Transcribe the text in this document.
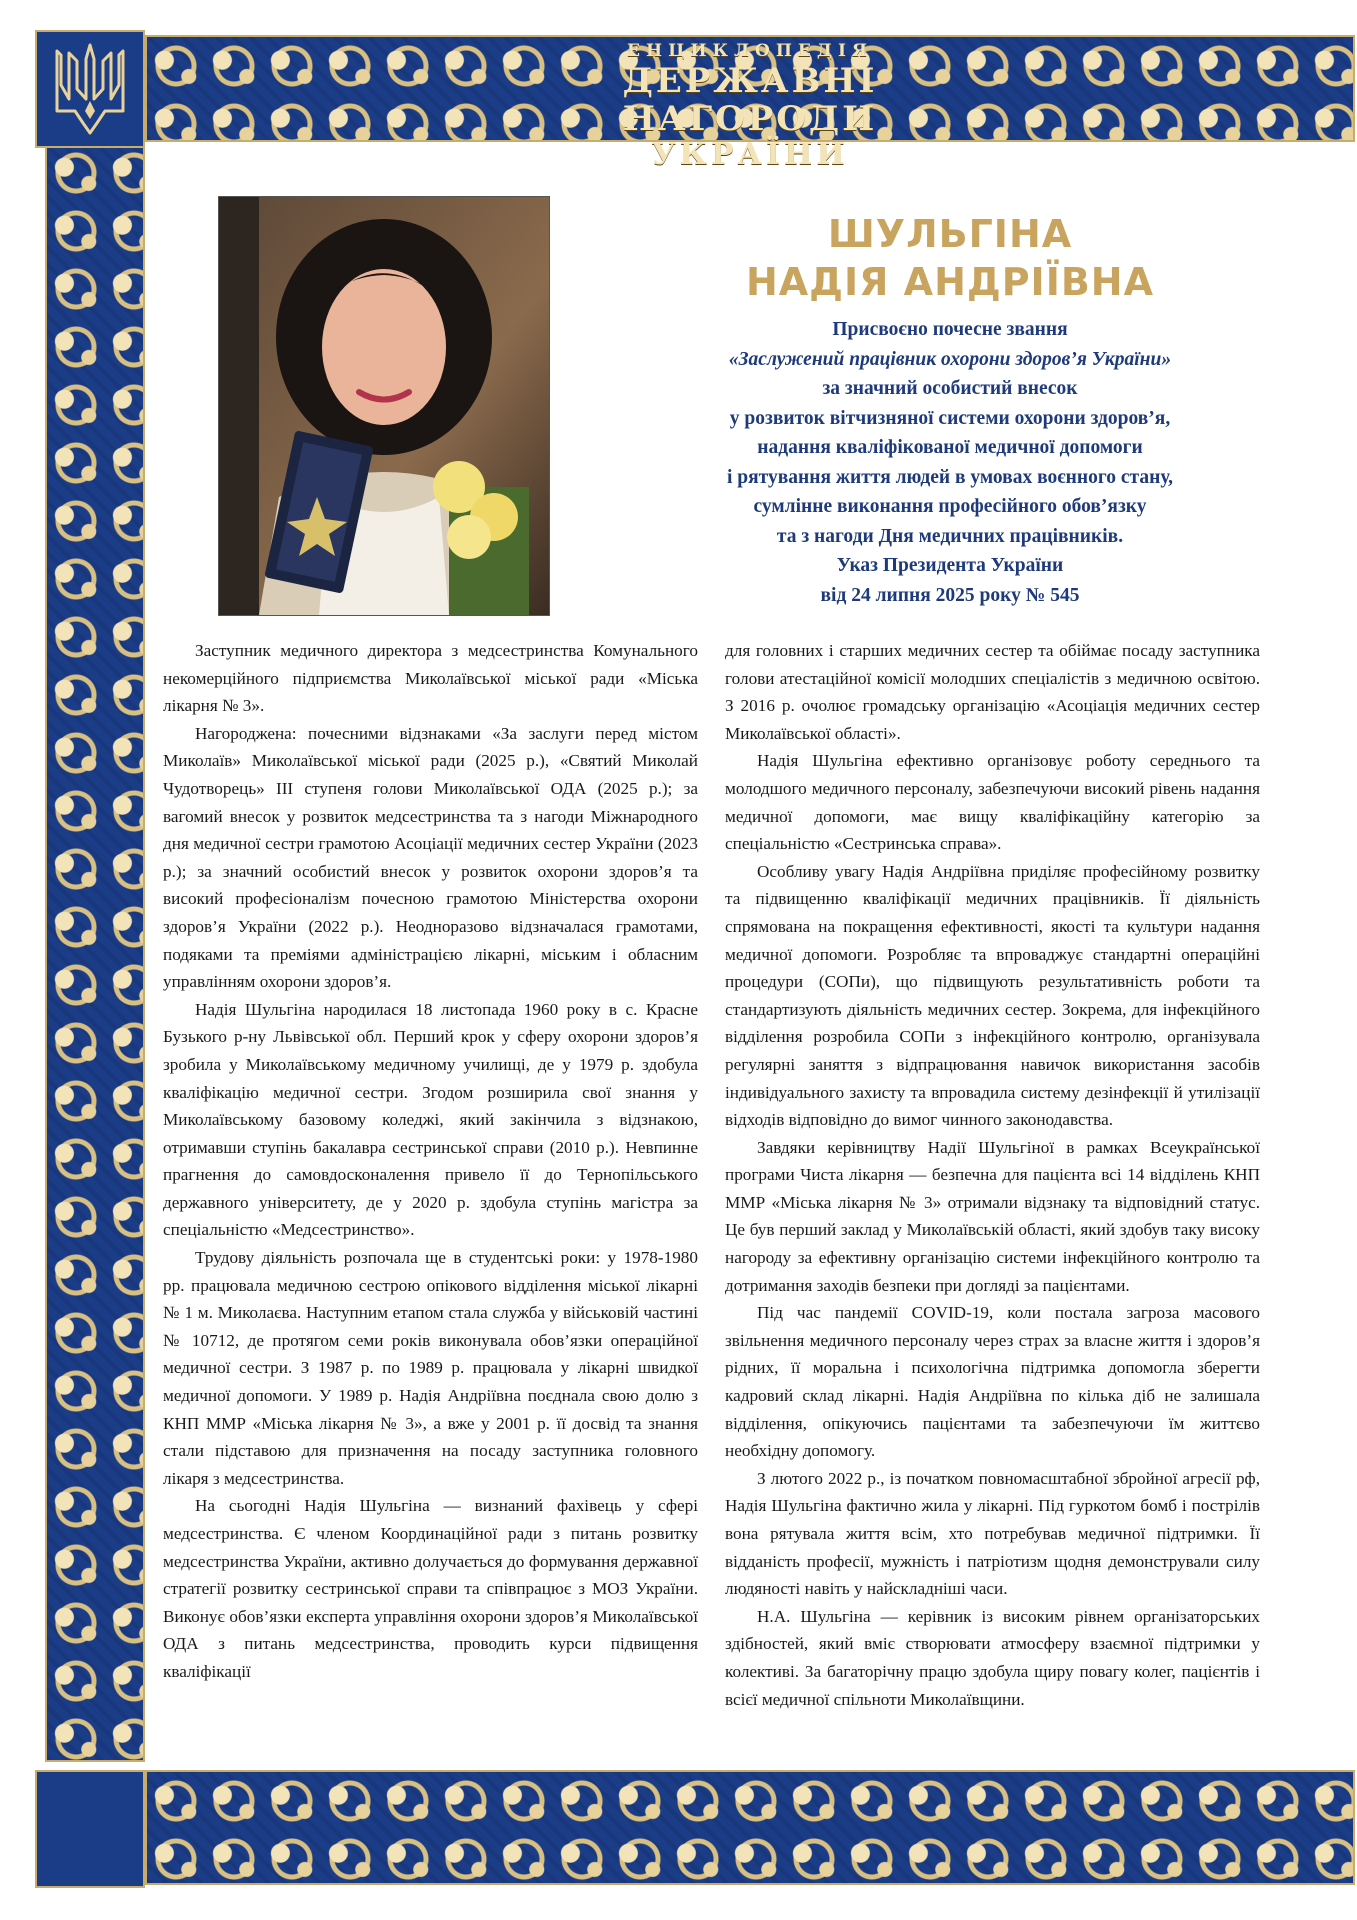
ЕНЦИКЛОПЕДІЯ
ДЕРЖАВНІ НАГОРОДИ
УКРАЇНИ
ШУЛЬГІНА
НАДІЯ АНДРІЇВНА
Присвоєно почесне звання
«Заслужений працівник охорони здоров’я України»
за значний особистий внесок
у розвиток вітчизняної системи охорони здоров’я,
надання кваліфікованої медичної допомоги
і рятування життя людей в умовах воєнного стану,
сумлінне виконання професійного обов’язку
та з нагоди Дня медичних працівників.
Указ Президента України
від 24 липня 2025 року № 545

Заступник медичного директора з медсестринства Комунального некомерційного підприємства Миколаївської міської ради «Міська лікарня № 3».

Нагороджена: почесними відзнаками «За заслуги перед містом Миколаїв» Миколаївської міської ради (2025 р.), «Святий Миколай Чудотворець» ІІІ ступеня голови Миколаївської ОДА (2025 р.); за вагомий внесок у розвиток медсестринства та з нагоди Міжнародного дня медичної сестри грамотою Асоціації медичних сестер України (2023 р.); за значний особистий внесок у розвиток охорони здоров’я та високий професіоналізм почесною грамотою Міністерства охорони здоров’я України (2022 р.). Неодноразово відзначалася грамотами, подяками та преміями адміністрацією лікарні, міським і обласним управлінням охорони здоров’я.

Надія Шульгіна народилася 18 листопада 1960 року в с. Красне Бузького р-ну Львівської обл. Перший крок у сферу охорони здоров’я зробила у Миколаївському медичному училищі, де у 1979 р. здобула кваліфікацію медичної сестри. Згодом розширила свої знання у Миколаївському базовому коледжі, який закінчила з відзнакою, отримавши ступінь бакалавра сестринської справи (2010 р.). Невпинне прагнення до самовдосконалення привело її до Тернопільського державного університету, де у 2020 р. здобула ступінь магістра за спеціальністю «Медсестринство».

Трудову діяльність розпочала ще в студентські роки: у 1978-1980 рр. працювала медичною сестрою опікового відділення міської лікарні № 1 м. Миколаєва. Наступним етапом стала служба у військовій частині № 10712, де протягом семи років виконувала обов’язки операційної медичної сестри. З 1987 р. по 1989 р. працювала у лікарні швидкої медичної допомоги. У 1989 р. Надія Андріївна поєднала свою долю з КНП ММР «Міська лікарня № 3», а вже у 2001 р. її досвід та знання стали підставою для призначення на посаду заступника головного лікаря з медсестринства.

На сьогодні Надія Шульгіна — визнаний фахівець у сфері медсестринства. Є членом Координаційної ради з питань розвитку медсестринства України, активно долучається до формування державної стратегії розвитку сестринської справи та співпрацює з МОЗ України. Виконує обов’язки експерта управління охорони здоров’я Миколаївської ОДА з питань медсестринства, проводить курси підвищення кваліфікації

для головних і старших медичних сестер та обіймає посаду заступника голови атестаційної комісії молодших спеціалістів з медичною освітою. З 2016 р. очолює громадську організацію «Асоціація медичних сестер Миколаївської області».

Надія Шульгіна ефективно організовує роботу середнього та молодшого медичного персоналу, забезпечуючи високий рівень надання медичної допомоги, має вищу кваліфікаційну категорію за спеціальністю «Сестринська справа».

Особливу увагу Надія Андріївна приділяє професійному розвитку та підвищенню кваліфікації медичних працівників. Її діяльність спрямована на покращення ефективності, якості та культури надання медичної допомоги. Розробляє та впроваджує стандартні операційні процедури (СОПи), що підвищують результативність роботи та стандартизують діяльність медичних сестер. Зокрема, для інфекційного відділення розробила СОПи з інфекційного контролю, організувала регулярні заняття з відпрацювання навичок використання засобів індивідуального захисту та впровадила систему дезінфекції й утилізації відходів відповідно до вимог чинного законодавства.

Завдяки керівництву Надії Шульгіної в рамках Всеукраїнської програми Чиста лікарня — безпечна для пацієнта всі 14 відділень КНП ММР «Міська лікарня № 3» отримали відзнаку та відповідний статус. Це був перший заклад у Миколаївській області, який здобув таку високу нагороду за ефективну організацію системи інфекційного контролю та дотримання заходів безпеки при догляді за пацієнтами.

Під час пандемії COVID-19, коли постала загроза масового звільнення медичного персоналу через страх за власне життя і здоров’я рідних, її моральна і психологічна підтримка допомогла зберегти кадровий склад лікарні. Надія Андріївна по кілька діб не залишала відділення, опікуючись пацієнтами та забезпечуючи їм життєво необхідну допомогу.

З лютого 2022 р., із початком повномасштабної збройної агресії рф, Надія Шульгіна фактично жила у лікарні. Під гуркотом бомб і пострілів вона рятувала життя всім, хто потребував медичної підтримки. Її відданість професії, мужність і патріотизм щодня демонстрували силу людяності навіть у найскладніші часи.

Н.А. Шульгіна — керівник із високим рівнем організаторських здібностей, який вміє створювати атмосферу взаємної підтримки у колективі. За багаторічну працю здобула щиру повагу колег, пацієнтів і всієї медичної спільноти Миколаївщини.
